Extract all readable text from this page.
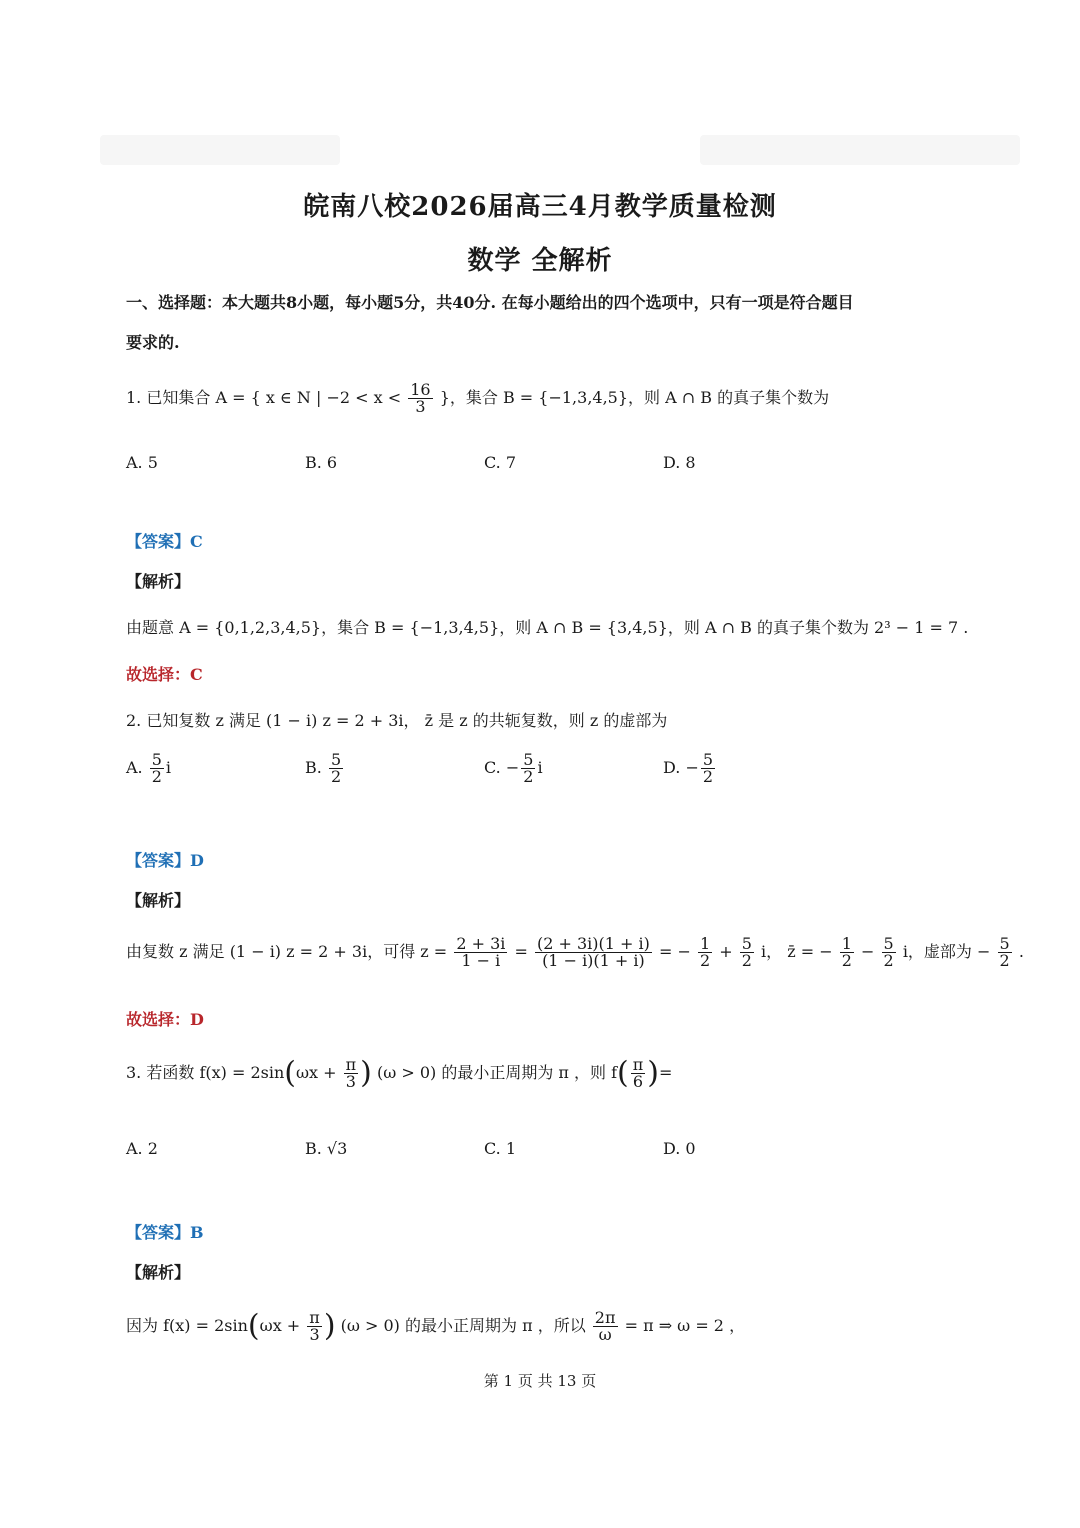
皖南八校2026届高三4月教学质量检测
数学 全解析
一、选择题：本大题共8小题，每小题5分，共40分. 在每小题给出的四个选项中，只有一项是符合题目
要求的.
1. 已知集合 A = { x ∈ N | $-2 < x < \frac{16}{3}$ }，集合 B = {−1,3,4,5}，则 A ∩ B 的真子集个数为
A. 5	B. 6	C. 7	D. 8
【答案】C
【解析】
由题意 A = {0,1,2,3,4,5}，集合 B = {−1,3,4,5}，则 A ∩ B = {3,4,5}，则 A ∩ B 的真子集个数为 2³ − 1 = 7 .
故选择：C
2. 已知复数 z 满足 (1 − i) z = 2 + 3i， z̄ 是 z 的共轭复数，则 z 的虚部为
A. $\frac{5}{2}$ i	B. $\frac{5}{2}$	C. − $\frac{5}{2}$ i	D. − $\frac{5}{2}$
【答案】D
【解析】
由复数 z 满足 (1 − i) z = 2 + 3i，可得 $z = \frac{2 + 3i}{1 - i} = \frac{(2 + 3i)(1 + i)}{(1 - i)(1 + i)}$ = − $\frac{1}{2} + \frac{5}{2}$ i， z̄ = − $\frac{1}{2} - \frac{5}{2}$ i，虚部为 − $\frac{5}{2}$ .
故选择：D
3. 若函数 $f(x) = 2\sin(\omega x + \frac{\pi}{3}$ ) (ω > 0) 的最小正周期为 π ，则 $f( \frac{\pi}{6}$ )=
A. 2	B. √3	C. 1	D. 0
【答案】B
【解析】
因为 $f(x) = 2\sin(\omega x + \frac{\pi}{3}$ ) (ω > 0) 的最小正周期为 π ，所以 $\frac{2\pi}{\omega} = \pi$ ⇒ ω = 2 ，
第 1 页 共 13 页
